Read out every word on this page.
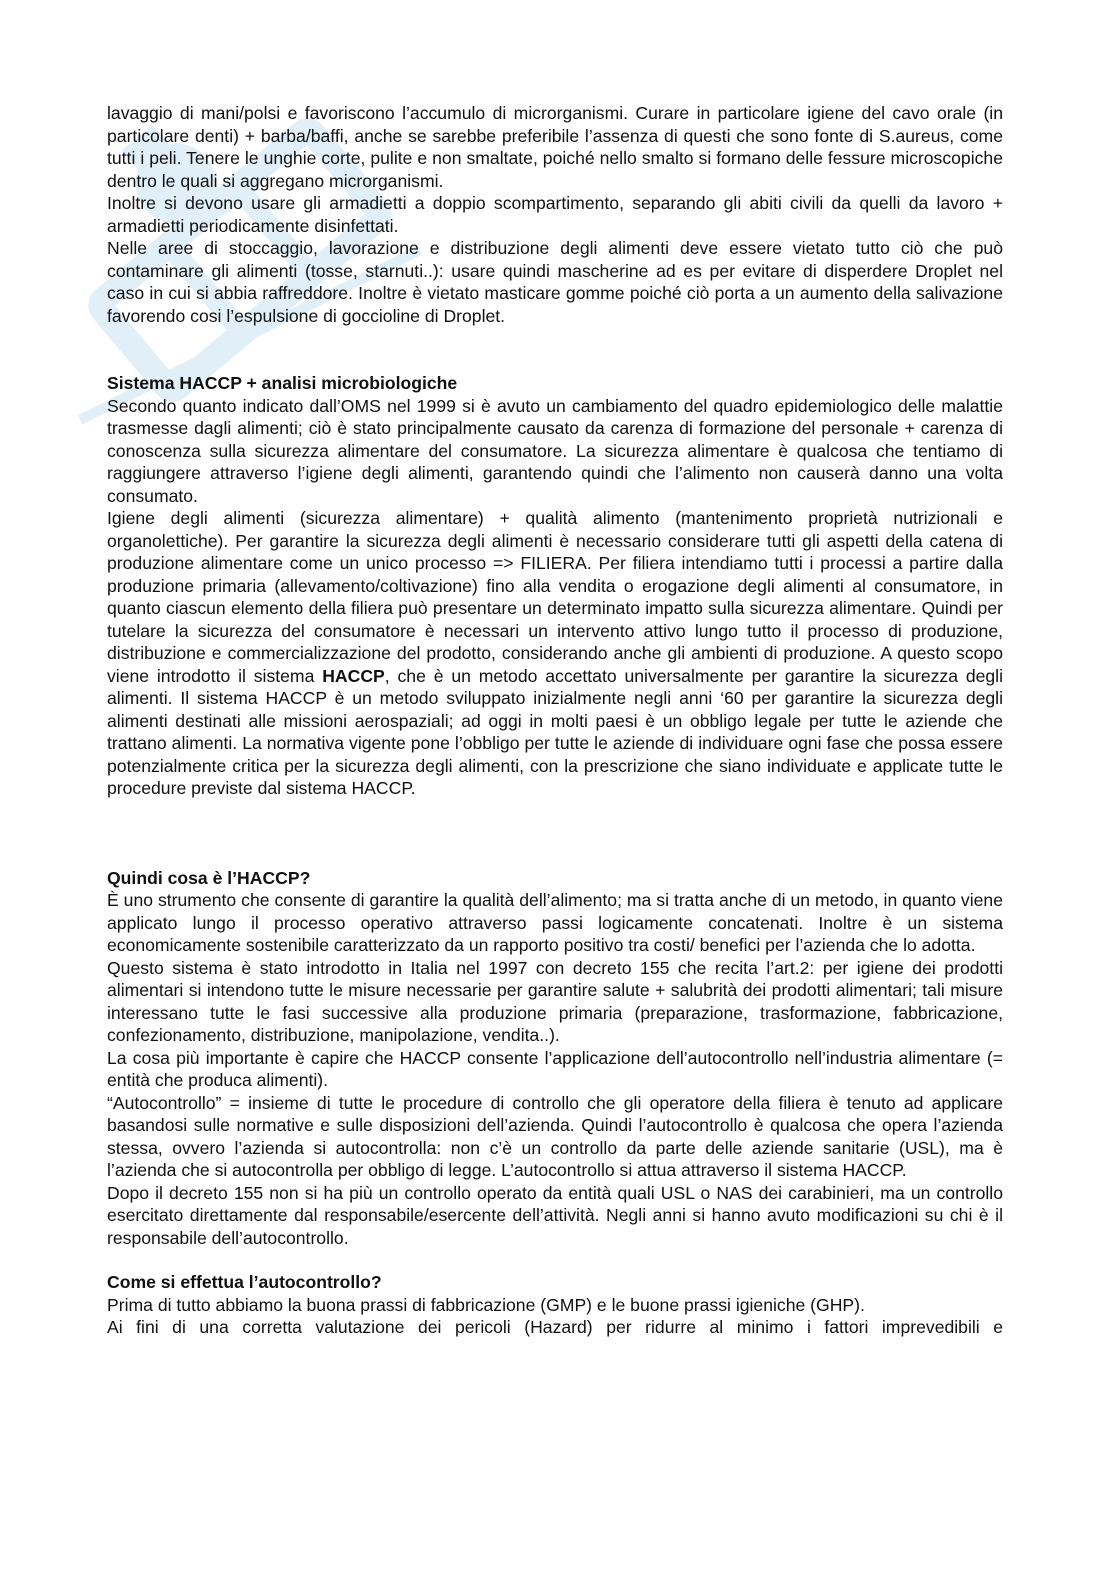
lavaggio di mani/polsi e favoriscono l’accumulo di microrganismi. Curare in particolare igiene del cavo orale (in particolare denti) + barba/baffi, anche se sarebbe preferibile l’assenza di questi che sono fonte di S.aureus, come tutti i peli. Tenere le unghie corte, pulite e non smaltate, poiché nello smalto si formano delle fessure microscopiche dentro le quali si aggregano microrganismi.

Inoltre si devono usare gli armadietti a doppio scompartimento, separando gli abiti civili da quelli da lavoro + armadietti periodicamente disinfettati.

Nelle aree di stoccaggio, lavorazione e distribuzione degli alimenti deve essere vietato tutto ciò che può contaminare gli alimenti (tosse, starnuti..): usare quindi mascherine ad es per evitare di disperdere Droplet nel caso in cui si abbia raffreddore. Inoltre è vietato masticare gomme poiché ciò porta a un aumento della salivazione favorendo cosi l’espulsione di goccioline di Droplet.

Sistema HACCP + analisi microbiologiche

Secondo quanto indicato dall’OMS nel 1999 si è avuto un cambiamento del quadro epidemiologico delle malattie trasmesse dagli alimenti; ciò è stato principalmente causato da carenza di formazione del personale + carenza di conoscenza sulla sicurezza alimentare del consumatore. La sicurezza alimentare è qualcosa che tentiamo di raggiungere attraverso l’igiene degli alimenti, garantendo quindi che l’alimento non causerà danno una volta consumato.

Igiene degli alimenti (sicurezza alimentare) + qualità alimento (mantenimento proprietà nutrizionali e organolettiche). Per garantire la sicurezza degli alimenti è necessario considerare tutti gli aspetti della catena di produzione alimentare come un unico processo => FILIERA. Per filiera intendiamo tutti i processi a partire dalla produzione primaria (allevamento/coltivazione) fino alla vendita o erogazione degli alimenti al consumatore, in quanto ciascun elemento della filiera può presentare un determinato impatto sulla sicurezza alimentare. Quindi per tutelare la sicurezza del consumatore è necessari un intervento attivo lungo tutto il processo di produzione, distribuzione e commercializzazione del prodotto, considerando anche gli ambienti di produzione. A questo scopo viene introdotto il sistema HACCP, che è un metodo accettato universalmente per garantire la sicurezza degli alimenti. Il sistema HACCP è un metodo sviluppato inizialmente negli anni ‘60 per garantire la sicurezza degli alimenti destinati alle missioni aerospaziali; ad oggi in molti paesi è un obbligo legale per tutte le aziende che trattano alimenti. La normativa vigente pone l’obbligo per tutte le aziende di individuare ogni fase che possa essere potenzialmente critica per la sicurezza degli alimenti, con la prescrizione che siano individuate e applicate tutte le procedure previste dal sistema HACCP.

Quindi cosa è l’HACCP?

È uno strumento che consente di garantire la qualità dell’alimento; ma si tratta anche di un metodo, in quanto viene applicato lungo il processo operativo attraverso passi logicamente concatenati. Inoltre è un sistema economicamente sostenibile caratterizzato da un rapporto positivo tra costi/ benefici per l’azienda che lo adotta.

Questo sistema è stato introdotto in Italia nel 1997 con decreto 155 che recita l’art.2: per igiene dei prodotti alimentari si intendono tutte le misure necessarie per garantire salute + salubrità dei prodotti alimentari; tali misure interessano tutte le fasi successive alla produzione primaria (preparazione, trasformazione, fabbricazione, confezionamento, distribuzione, manipolazione, vendita..).

La cosa più importante è capire che HACCP consente l’applicazione dell’autocontrollo nell’industria alimentare (= entità che produca alimenti).

“Autocontrollo” = insieme di tutte le procedure di controllo che gli operatore della filiera è tenuto ad applicare basandosi sulle normative e sulle disposizioni dell’azienda. Quindi l’autocontrollo è qualcosa che opera l’azienda stessa, ovvero l’azienda si autocontrolla: non c’è un controllo da parte delle aziende sanitarie (USL), ma è l’azienda che si autocontrolla per obbligo di legge. L’autocontrollo si attua attraverso il sistema HACCP.

Dopo il decreto 155 non si ha più un controllo operato da entità quali USL o NAS dei carabinieri, ma un controllo esercitato direttamente dal responsabile/esercente dell’attività. Negli anni si hanno avuto modificazioni su chi è il responsabile dell’autocontrollo.

Come si effettua l’autocontrollo?

Prima di tutto abbiamo la buona prassi di fabbricazione (GMP) e le buone prassi igieniche (GHP).

Ai fini di una corretta valutazione dei pericoli (Hazard) per ridurre al minimo i fattori imprevedibili e
